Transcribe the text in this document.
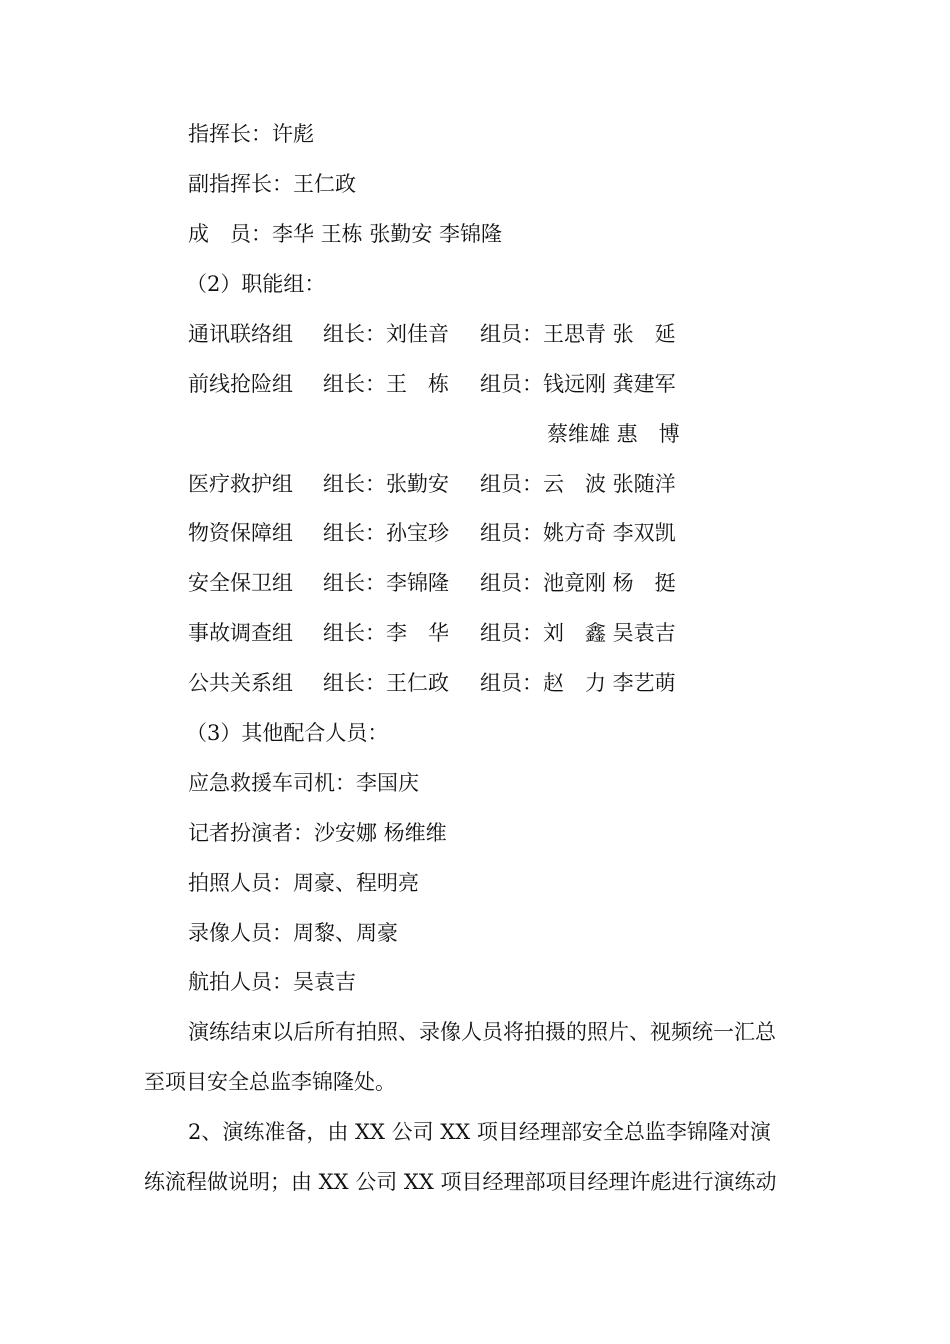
指挥长：许彪
副指挥长：王仁政
成　员：李华 王栋 张勤安 李锦隆
（2）职能组：
通讯联络组 组长：刘佳音 组员：王思青 张　延
前线抢险组 组长：王　栋 组员：钱远刚 龚建军
蔡维雄 惠　博
医疗救护组 组长：张勤安 组员：云　波 张随洋
物资保障组 组长：孙宝珍 组员：姚方奇 李双凯
安全保卫组 组长：李锦隆 组员：池竟刚 杨　挺
事故调查组 组长：李　华 组员：刘　鑫 吴袁吉
公共关系组 组长：王仁政 组员：赵　力 李艺萌
（3）其他配合人员：
应急救援车司机：李国庆
记者扮演者：沙安娜 杨维维
拍照人员：周豪、程明亮
录像人员：周黎、周豪
航拍人员：吴袁吉
演练结束以后所有拍照、录像人员将拍摄的照片、视频统一汇总
至项目安全总监李锦隆处。
2、演练准备，由 XX 公司 XX 项目经理部安全总监李锦隆对演
练流程做说明；由 XX 公司 XX 项目经理部项目经理许彪进行演练动
